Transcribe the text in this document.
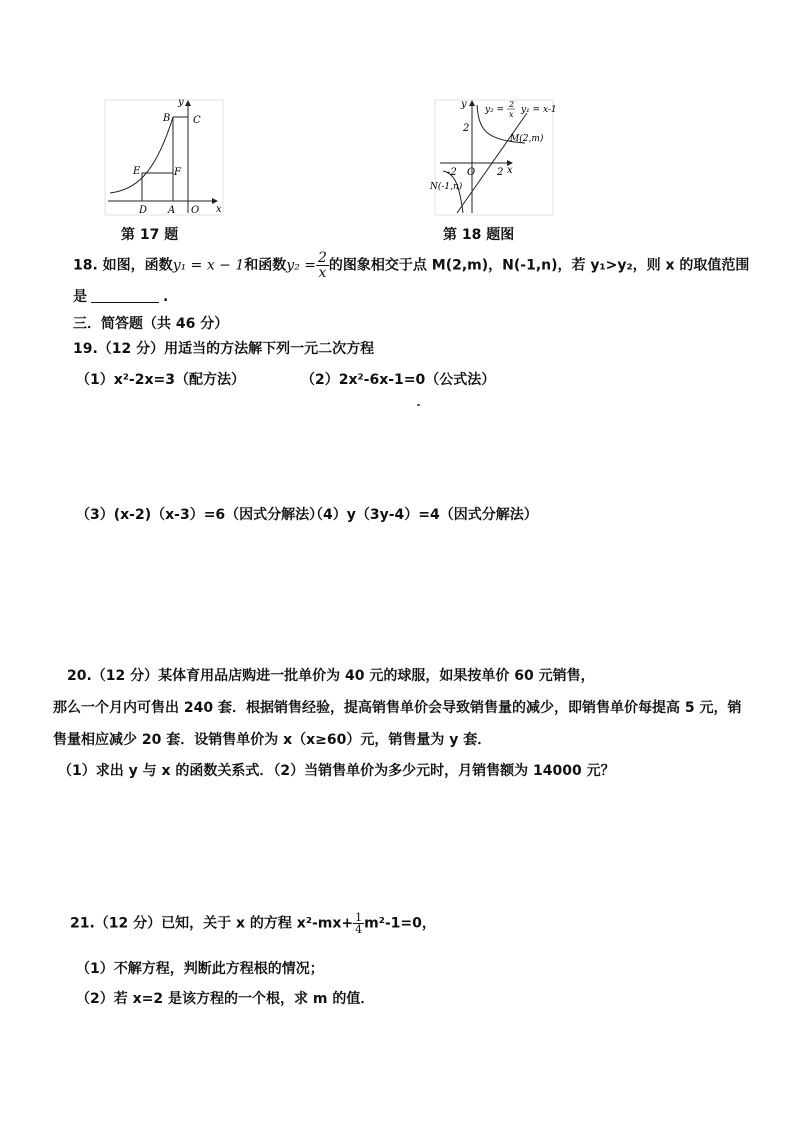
y
x
B C
E	F
D A O
第 17 题
y
x
y₂ =
2
x y₁ = x-1
2
-2 O 2
M(2,m)
N(-1,n)
第 18 题图
18. 如图，函数y₁ = x − 1和函数$y_2 = \frac{2}{x}$ 的图象相交于点 M(2,m)，N(-1,n)，若 y₁>y₂，则 x 的取值范围
是	.
三．简答题（共 46 分）
19.（12 分）用适当的方法解下列一元二次方程
（1）x²-2x=3（配方法）	（2）2x²-6x-1=0（公式法）
（3）(x-2)（x-3）=6（因式分解法）
（4）y（3y-4）=4（因式分解法）
20.（12 分）某体育用品店购进一批单价为 40 元的球服，如果按单价 60 元销售，
那么一个月内可售出 240 套．根据销售经验，提高销售单价会导致销售量的减少，即销售单价每提高 5 元，销
售量相应减少 20 套．设销售单价为 x（x≥60）元，销售量为 y 套．
（1）求出 y 与 x 的函数关系式．（2）当销售单价为多少元时，月销售额为 14000 元？
21.（12 分）已知，关于 x 的方程 $x^2-mx+ \frac{1}{4} m^2-1=0$，
（1）不解方程，判断此方程根的情况；
（2）若 x=2 是该方程的一个根，求 m 的值．
